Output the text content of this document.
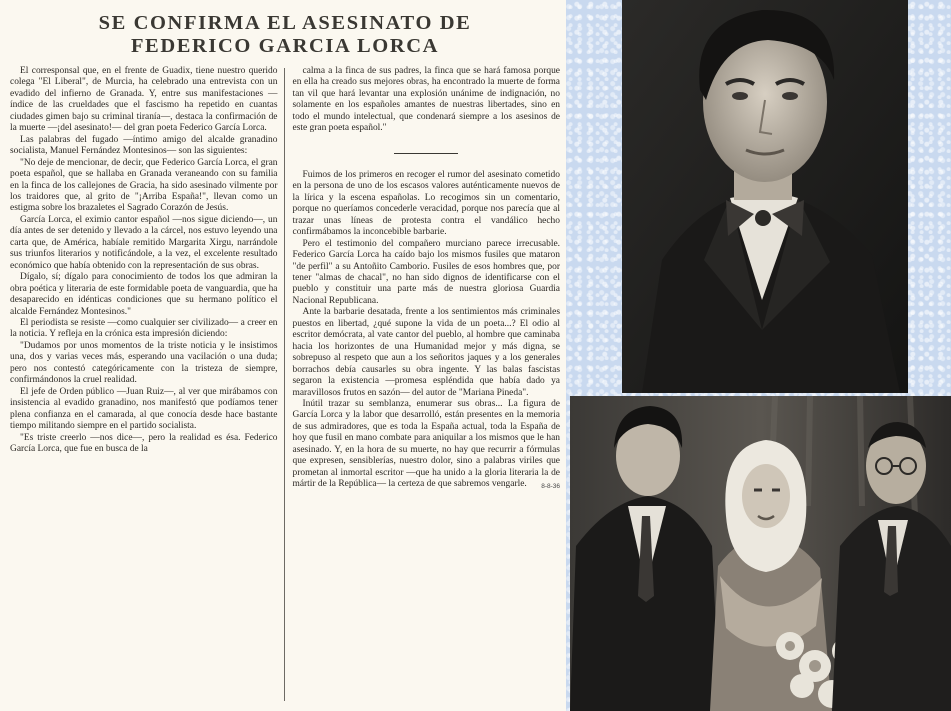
SE CONFIRMA EL ASESINATO DE
FEDERICO GARCIA LORCA

El corresponsal que, en el frente de Guadix, tiene nuestro querido colega "El Liberal", de Murcia, ha celebrado una entrevista con un evadido del infierno de Granada. Y, entre sus manifestaciones —índice de las crueldades que el fascismo ha repetido en cuantas ciudades gimen bajo su criminal tiranía—, destaca la confirmación de la muerte —¡del asesinato!— del gran poeta Federico García Lorca.

Las palabras del fugado —íntimo amigo del alcalde granadino socialista, Manuel Fernández Montesinos— son las siguientes:

"No deje de mencionar, de decir, que Federico García Lorca, el gran poeta español, que se hallaba en Granada veraneando con su familia en la finca de los callejones de Gracia, ha sido asesinado vilmente por los traidores que, al grito de "¡Arriba España!", llevan como un estigma sobre los brazaletes el Sagrado Corazón de Jesús.

García Lorca, el eximio cantor español —nos sigue diciendo—, un día antes de ser detenido y llevado a la cárcel, nos estuvo leyendo una carta que, de América, habíale remitido Margarita Xirgu, narrándole sus triunfos literarios y notificándole, a la vez, el excelente resultado económico que había obtenido con la representación de sus obras.

Dígalo, sí; dígalo para conocimiento de todos los que admiran la obra poética y literaria de este formidable poeta de vanguardia, que ha desaparecido en idénticas condiciones que su hermano político el alcalde Fernández Montesinos."

El periodista se resiste —como cualquier ser civilizado— a creer en la noticia. Y refleja en la crónica esta impresión diciendo:

"Dudamos por unos momentos de la triste noticia y le insistimos una, dos y varias veces más, esperando una vacilación o una duda; pero nos contestó categóricamente con la tristeza de siempre, confirmándonos la cruel realidad.

El jefe de Orden público —Juan Ruiz—, al ver que mirábamos con insistencia al evadido granadino, nos manifestó que podíamos tener plena confianza en el camarada, al que conocía desde hace bastante tiempo militando siempre en el partido socialista.

"Es triste creerlo —nos dice—, pero la realidad es ésa. Federico García Lorca, que fue en busca de la

calma a la finca de sus padres, la finca que se hará famosa porque en ella ha creado sus mejores obras, ha encontrado la muerte de forma tan vil que hará levantar una explosión unánime de indignación, no solamente en los españoles amantes de nuestras libertades, sino en todo el mundo intelectual, que condenará siempre a los asesinos de este gran poeta español."

Fuimos de los primeros en recoger el rumor del asesinato cometido en la persona de uno de los escasos valores auténticamente nuevos de la lírica y la escena españolas. Lo recogimos sin un comentario, porque no queríamos concederle veracidad, porque nos parecía que al trazar unas líneas de protesta contra el vandálico hecho confirmábamos la inconcebible barbarie.

Pero el testimonio del compañero murciano parece irrecusable. Federico García Lorca ha caído bajo los mismos fusiles que mataron "de perfil" a su Antoñito Camborio. Fusiles de esos hombres que, por tener "almas de chacal", no han sido dignos de identificarse con el pueblo y constituir una parte más de nuestra gloriosa Guardia Nacional Republicana.

Ante la barbarie desatada, frente a los sentimientos más criminales puestos en libertad, ¿qué supone la vida de un poeta...? El odio al escritor demócrata, al vate cantor del pueblo, al hombre que caminaba hacia los horizontes de una Humanidad mejor y más digna, se sobrepuso al respeto que aun a los señoritos jaques y a los generales borrachos debía causarles su obra ingente. Y las balas fascistas segaron la existencia —promesa espléndida que había dado ya maravillosos frutos en sazón— del autor de "Mariana Pineda".

Inútil trazar su semblanza, enumerar sus obras... La figura de García Lorca y la labor que desarrolló, están presentes en la memoria de sus admiradores, que es toda la España actual, toda la España de hoy que fusil en mano combate para aniquilar a los mismos que le han asesinado. Y, en la hora de su muerte, no hay que recurrir a fórmulas que expresen, sensiblerías, nuestro dolor, sino a palabras viriles que prometan al inmortal escritor —que ha unido a la gloria literaria la de mártir de la República— la certeza de que sabremos vengarle.	8-8-36
